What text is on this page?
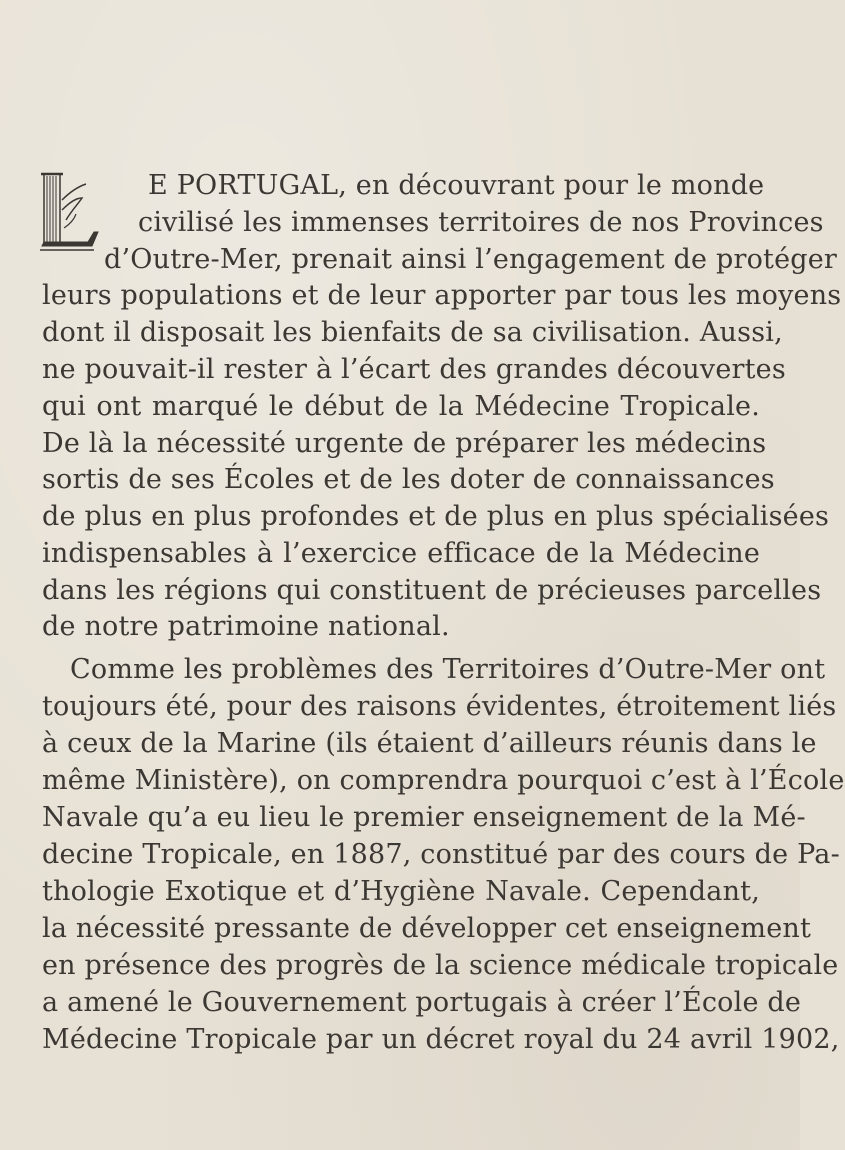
L
E PORTUGAL, en découvrant pour le monde
civilisé les immenses territoires de nos Provinces
d’Outre-Mer, prenait ainsi l’engagement de protéger
leurs populations et de leur apporter par tous les moyens
dont il disposait les bienfaits de sa civilisation. Aussi,
ne pouvait-il rester à l’écart des grandes découvertes
qui ont marqué le début de la Médecine Tropicale.
De là la nécessité urgente de préparer les médecins
sortis de ses Écoles et de les doter de connaissances
de plus en plus profondes et de plus en plus spécialisées
indispensables à l’exercice efficace de la Médecine
dans les régions qui constituent de précieuses parcelles
de notre patrimoine national.
Comme les problèmes des Territoires d’Outre-Mer ont
toujours été, pour des raisons évidentes, étroitement liés
à ceux de la Marine (ils étaient d’ailleurs réunis dans le
même Ministère), on comprendra pourquoi c’est à l’École
Navale qu’a eu lieu le premier enseignement de la Mé-
decine Tropicale, en 1887, constitué par des cours de Pa-
thologie Exotique et d’Hygiène Navale. Cependant,
la nécessité pressante de développer cet enseignement
en présence des progrès de la science médicale tropicale
a amené le Gouvernement portugais à créer l’École de
Médecine Tropicale par un décret royal du 24 avril 1902,
